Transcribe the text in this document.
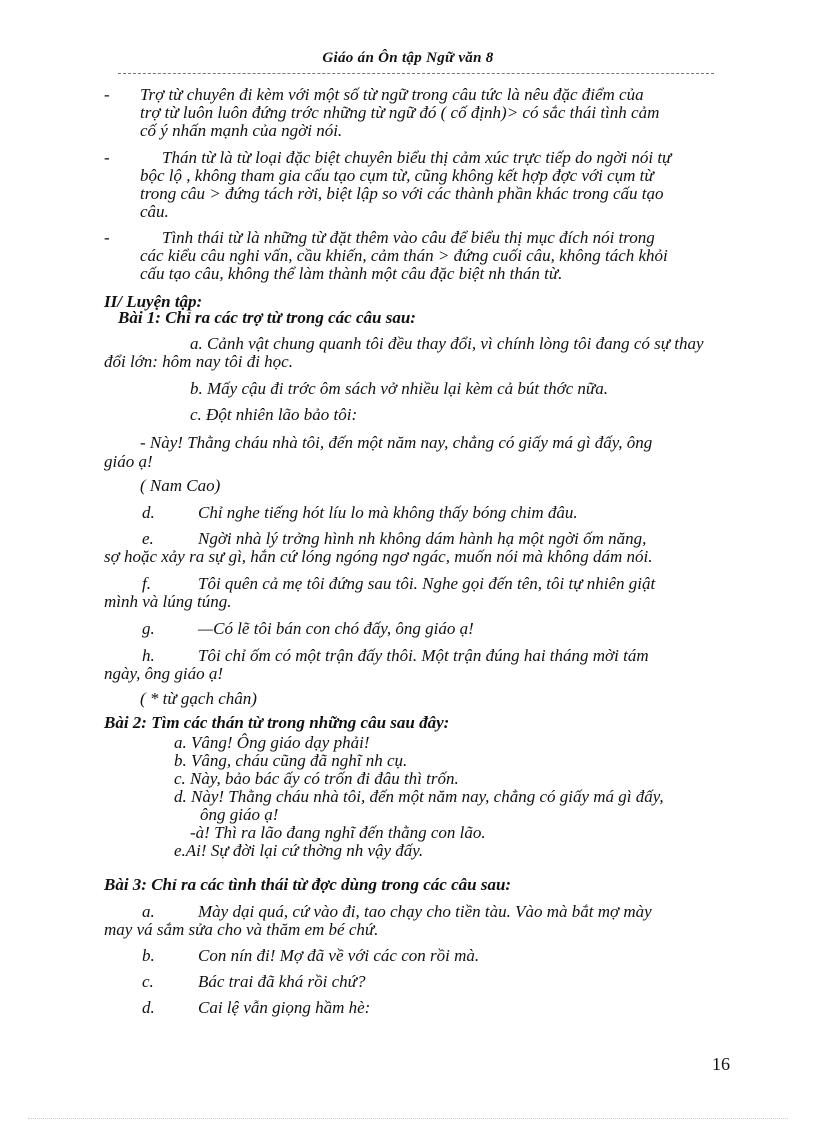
Giáo án Ôn tập Ngữ văn 8
- Trợ từ chuyên đi kèm với một số từ ngữ trong câu tức là nêu đặc điểm của
trợ từ luôn luôn đứng trớc những từ ngữ đó ( cố định)> có sắc thái tình cảm
cố ý nhấn mạnh của ngời nói.
-	Thán từ là từ loại đặc biệt chuyên biểu thị cảm xúc trực tiếp do ngời nói tự
bộc lộ , không tham gia cấu tạo cụm từ, cũng không kết hợp đợc với cụm từ
trong câu > đứng tách rời, biệt lập so với các thành phần khác trong cấu tạo
câu.
-	Tình thái từ là những từ đặt thêm vào câu để biểu thị mục đích nói trong
các kiểu câu nghi vấn, cầu khiến, cảm thán > đứng cuối câu, không tách khỏi
cấu tạo câu, không thể làm thành một câu đặc biệt nh thán từ.
II/ Luyện tập:
Bài 1: Chỉ ra các trợ từ trong các câu sau:
a. Cảnh vật chung quanh tôi đều thay đổi, vì chính lòng tôi đang có sự thay
đổi lớn: hôm nay tôi đi học.
b. Mấy cậu đi trớc ôm sách vở nhiều lại kèm cả bút thớc nữa.
c. Đột nhiên lão bảo tôi:
- Này! Thằng cháu nhà tôi, đến một năm nay, chẳng có giấy má gì đấy, ông
giáo ạ!
( Nam Cao)
d.	Chỉ nghe tiếng hót líu lo mà không thấy bóng chim đâu.
e.	Ngời nhà lý trởng hình nh không dám hành hạ một ngời ốm năng,
sợ hoặc xảy ra sự gì, hắn cứ lóng ngóng ngơ ngác, muốn nói mà không dám nói.
f.	Tôi quên cả mẹ tôi đứng sau tôi. Nghe gọi đến tên, tôi tự nhiên giật
mình và lúng túng.
g.	—Có lẽ tôi bán con chó đấy, ông giáo ạ!
h.	Tôi chỉ ốm có một trận đấy thôi. Một trận đúng hai tháng mời tám
ngày, ông giáo ạ!
( * từ gạch chân)
Bài 2: Tìm các thán từ trong những câu sau đây:
a. Vâng! Ông giáo dạy phải!
b. Vâng, cháu cũng đã nghĩ nh cụ.
c. Này, bảo bác ấy có trốn đi đâu thì trốn.
d. Này! Thằng cháu nhà tôi, đến một năm nay, chẳng có giấy má gì đấy,
ông giáo ạ!
-à! Thì ra lão đang nghĩ đến thằng con lão.
e.Ai! Sự đời lại cứ thờng nh vậy đấy.
Bài 3: Chỉ ra các tình thái từ đợc dùng trong các câu sau:
a.	Mày dại quá, cứ vào đi, tao chạy cho tiền tàu. Vào mà bắt mợ mày
may vá sắm sửa cho và thăm em bé chứ.
b.	Con nín đi! Mợ đã về với các con rồi mà.
c.	Bác trai đã khá rồi chứ?
d.	Cai lệ vẫn giọng hầm hè:
16
